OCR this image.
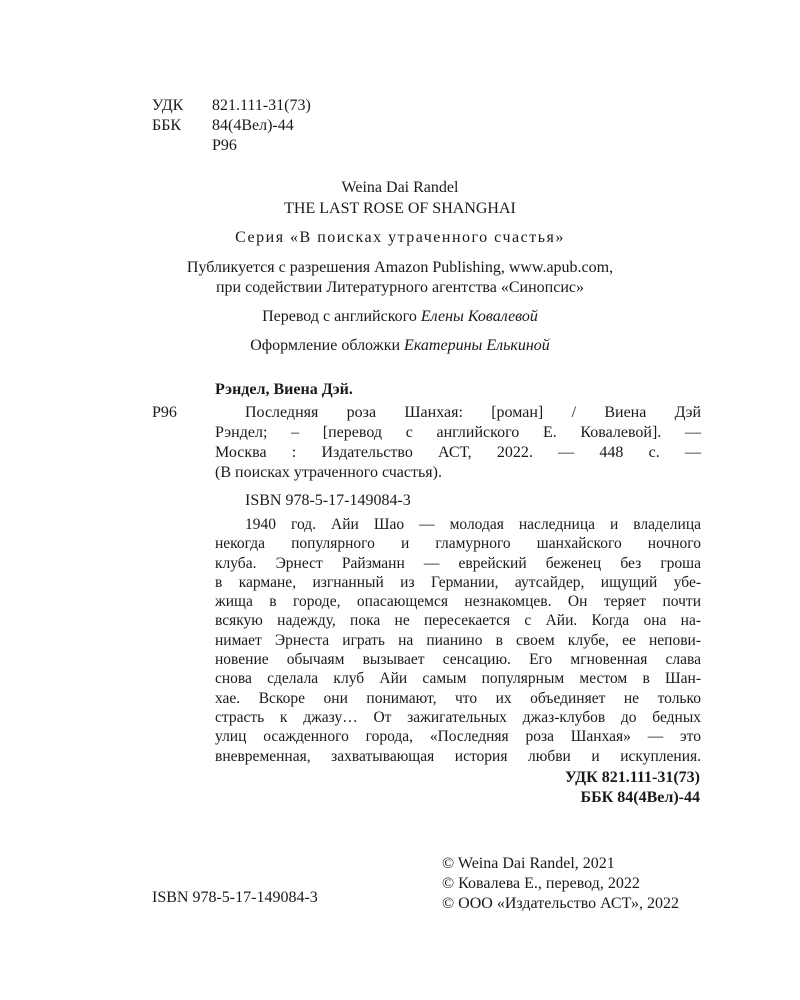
УДК	821.111-31(73)
ББК	84(4Вел)-44
Р96
Weina Dai Randel
THE LAST ROSE OF SHANGHAI
Серия «В поисках утраченного счастья»
Публикуется с разрешения Amazon Publishing, www.apub.com,
при содействии Литературного агентства «Синопсис»
Перевод с английского Елены Ковалевой
Оформление обложки Екатерины Елькиной
Рэндел, Виена Дэй.
Р96	Последняя роза Шанхая: [роман] / Виена Дэй
Рэндел; – [перевод с английского Е. Ковалевой]. —
Москва : Издательство АСТ, 2022. — 448 с. —
(В поисках утраченного счастья).
ISBN 978-5-17-149084-3
1940 год. Айи Шао — молодая наследница и владелица
некогда популярного и гламурного шанхайского ночного
клуба. Эрнест Райзманн — еврейский беженец без гроша
в кармане, изгнанный из Германии, аутсайдер, ищущий убе-
жища в городе, опасающемся незнакомцев. Он теряет почти
всякую надежду, пока не пересекается с Айи. Когда она на-
нимает Эрнеста играть на пианино в своем клубе, ее непови-
новение обычаям вызывает сенсацию. Его мгновенная слава
снова сделала клуб Айи самым популярным местом в Шан-
хае. Вскоре они понимают, что их объединяет не только
страсть к джазу… От зажигательных джаз-клубов до бедных
улиц осажденного города, «Последняя роза Шанхая» — это
вневременная, захватывающая история любви и искупления.
УДК 821.111-31(73)
ББК 84(4Вел)-44
ISBN 978-5-17-149084-3
© Weina Dai Randel, 2021
© Ковалева Е., перевод, 2022
© ООО «Издательство АСТ», 2022
